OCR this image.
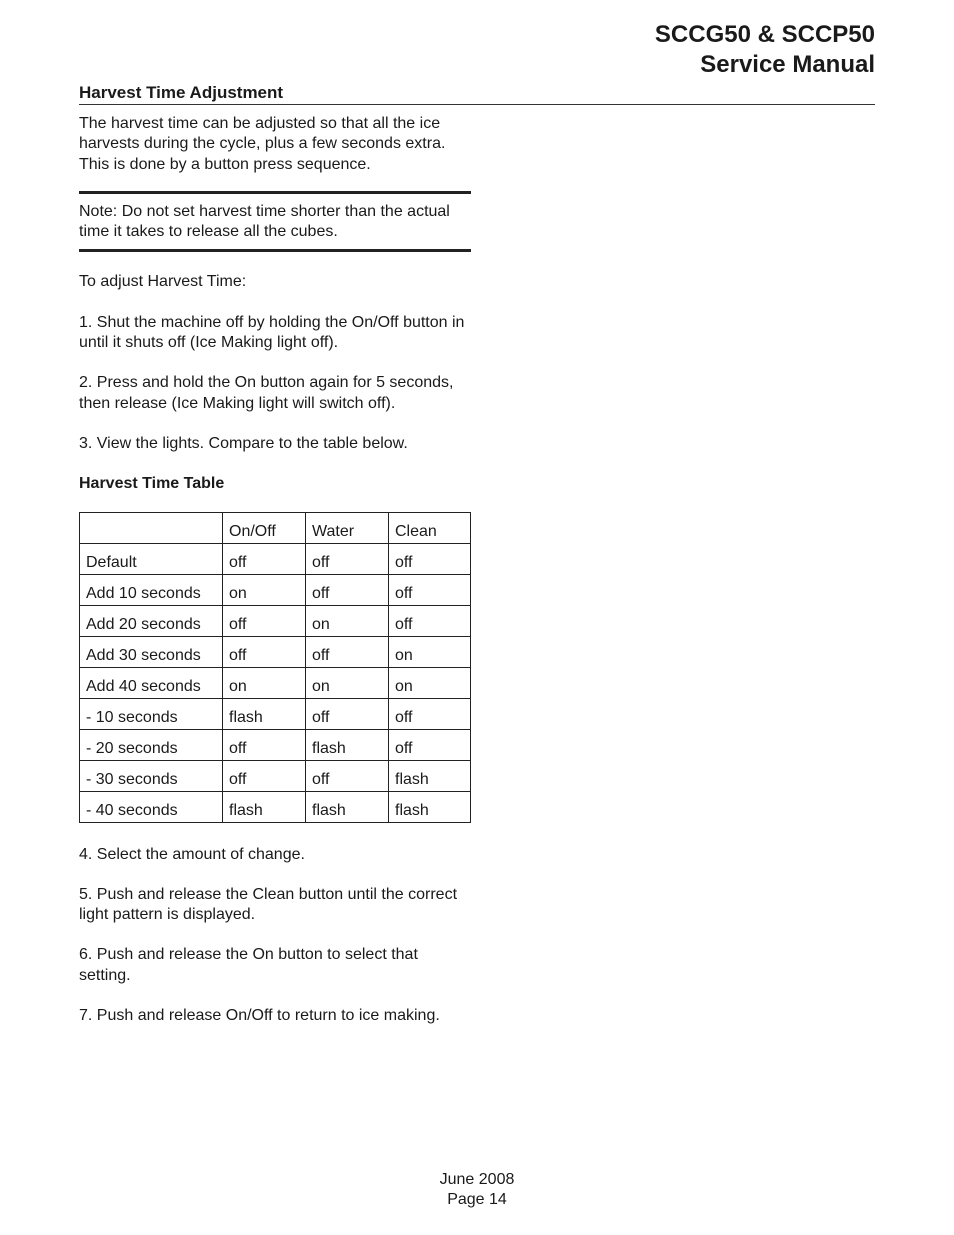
SCCG50 & SCCP50
Service Manual
Harvest Time Adjustment

The harvest time can be adjusted so that all the ice harvests during the cycle, plus a few seconds extra. This is done by a button press sequence.

Note: Do not set harvest time shorter than the actual time it takes to release all the cubes.

To adjust Harvest Time:

1. Shut the machine off by holding the On/Off button in until it shuts off (Ice Making light off).

2. Press and hold the On button again for 5 seconds, then release (Ice Making light will switch off).

3. View the lights. Compare to the table below.

Harvest Time Table

	On/Off	Water	Clean
Default	off	off	off
Add 10 seconds	on	off	off
Add 20 seconds	off	on	off
Add 30 seconds	off	off	on
Add 40 seconds	on	on	on
- 10 seconds	flash	off	off
- 20 seconds	off	flash	off
- 30 seconds	off	off	flash
- 40 seconds	flash	flash	flash

4. Select the amount of change.

5. Push and release the Clean button until the correct light pattern is displayed.

6. Push and release the On button to select that setting.

7. Push and release On/Off to return to ice making.

June 2008
Page 14
